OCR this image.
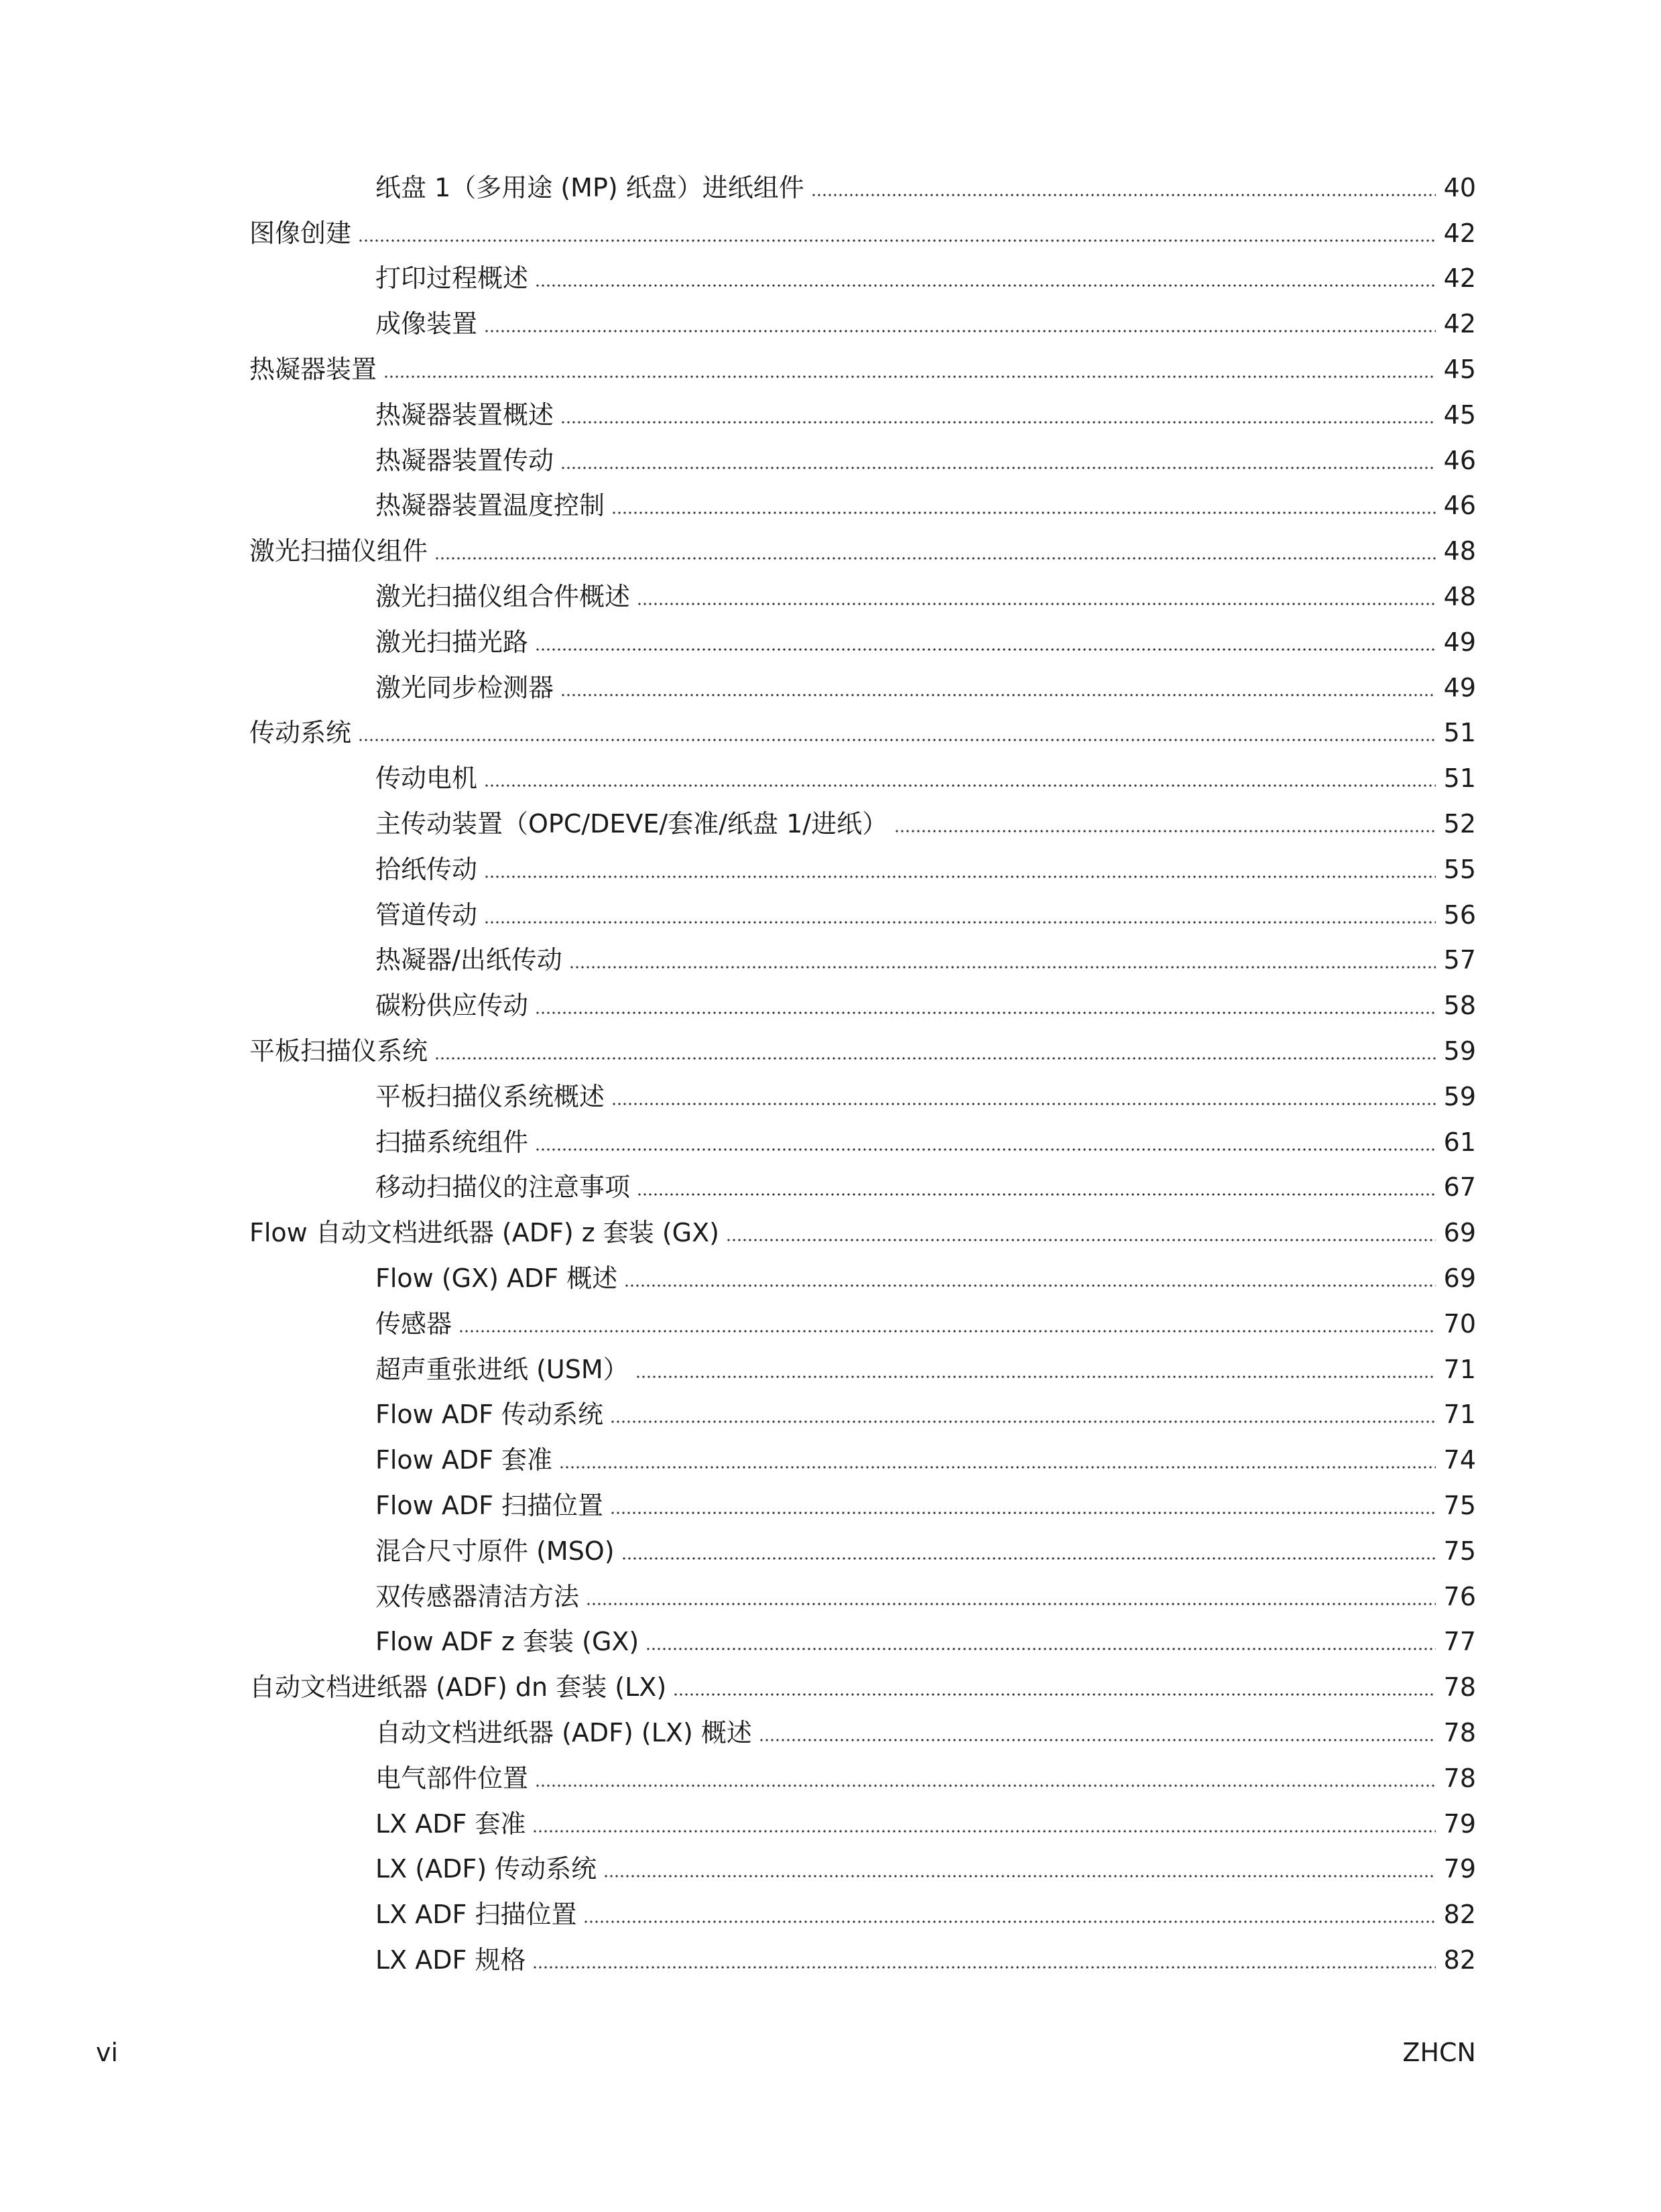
纸盘 1（多用途 (MP) 纸盘）进纸组件	40
图像创建	42
打印过程概述	42
成像装置	42
热凝器装置	45
热凝器装置概述	45
热凝器装置传动	46
热凝器装置温度控制	46
激光扫描仪组件	48
激光扫描仪组合件概述	48
激光扫描光路	49
激光同步检测器	49
传动系统	51
传动电机	51
主传动装置（OPC/DEVE/套准/纸盘 1/进纸）	52
拾纸传动	55
管道传动	56
热凝器/出纸传动	57
碳粉供应传动	58
平板扫描仪系统	59
平板扫描仪系统概述	59
扫描系统组件	61
移动扫描仪的注意事项	67
Flow 自动文档进纸器 (ADF) z 套装 (GX)	69
Flow (GX) ADF 概述	69
传感器	70
超声重张进纸 (USM）	71
Flow ADF 传动系统	71
Flow ADF 套准	74
Flow ADF 扫描位置	75
混合尺寸原件 (MSO)	75
双传感器清洁方法	76
Flow ADF z 套装 (GX)	77
自动文档进纸器 (ADF) dn 套装 (LX)	78
自动文档进纸器 (ADF) (LX) 概述	78
电气部件位置	78
LX ADF 套准	79
LX (ADF) 传动系统	79
LX ADF 扫描位置	82
LX ADF 规格	82
vi	ZHCN
